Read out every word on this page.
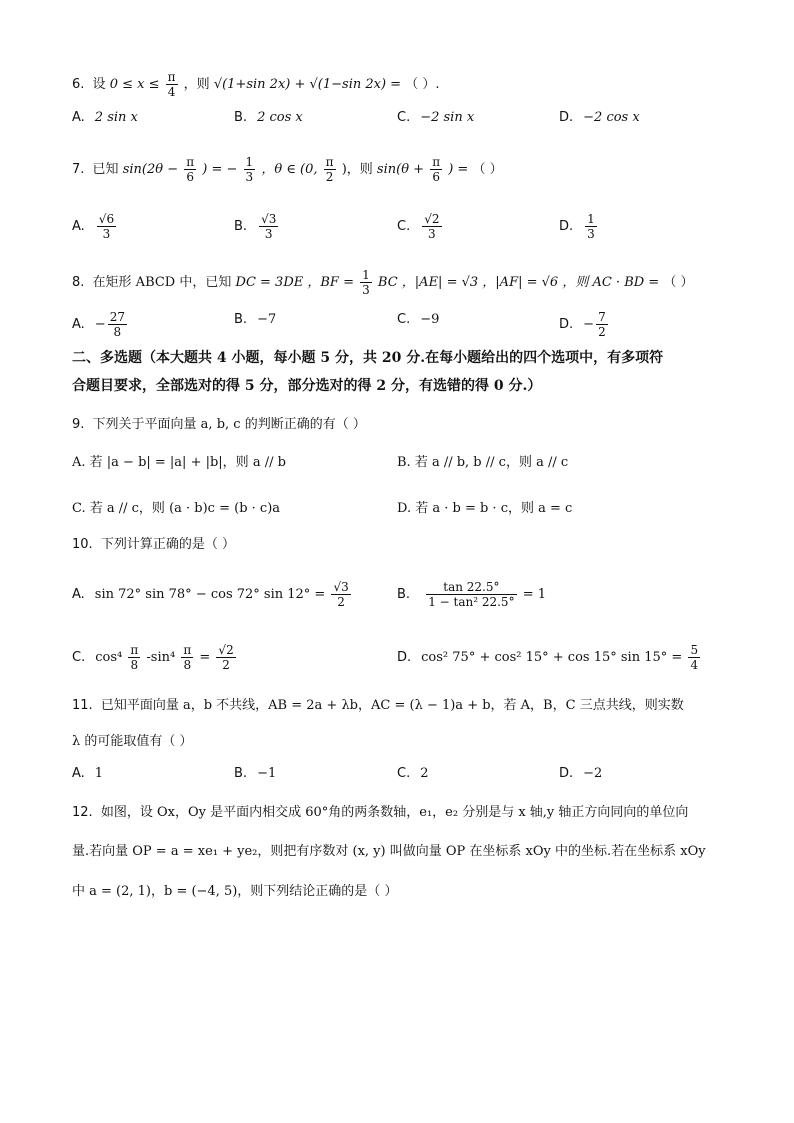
6. 设 $0 \le x \le \frac{\pi}{4}$ ，则 √(1+sin 2x) + √(1−sin 2x) = （ ）.
A. 2 sin x	B. 2 cos x	C. −2 sin x	D. −2 cos x
7. 已知 $\sin(2\theta - \frac{\pi}{6}$ ) = − $\frac{1}{3}$ ，θ ∈ (0, $\frac{\pi}{2}$ )，则 $\sin(\theta + \frac{\pi}{6}$ ) = （ ）
A. $\frac{√6}{3}$	B. $\frac{√3}{3}$	C. $\frac{√2}{3}$	D. $\frac{1}{3}$
8. 在矩形 ABCD 中，已知 DC = 3DE ，BF = $\frac{1}{3}$ BC ，|AE| = √3 ，|AF| = √6 ，则 AC · BD = （ ）
A. − $\frac{27}{8}$	B. −7	C. −9	D. − $\frac{7}{2}$
二、多选题（本大题共 4 小题，每小题 5 分，共 20 分.在每小题给出的四个选项中，有多项符
合题目要求，全部选对的得 5 分，部分选对的得 2 分，有选错的得 0 分.）
9. 下列关于平面向量 a, b, c 的判断正确的有（ ）
A. 若 |a − b| = |a| + |b|，则 a // b	B. 若 a // b, b // c，则 a // c
C. 若 a // c，则 (a · b)c = (b · c)a	D. 若 a · b = b · c，则 a = c
10. 下列计算正确的是（ ）
A. sin 72° sin 78° − cos 72° $\sin 12^\circ = \frac{√3}{2}$	B. $\frac{\tan 22.5^\circ}{\text{1 − tan² 22.5°}} = 1$
C. $\cos^4 \frac{\pi}{8} -\sin^4 \frac{\pi}{8} = \frac{√2}{2}$	D. cos² 75° + cos² 15° + cos 15° $\sin 15^\circ = \frac{5}{4}$
11. 已知平面向量 a，b 不共线，AB = 2a + λb，AC = (λ − 1)a + b，若 A，B，C 三点共线，则实数
λ 的可能取值有（ ）
A. 1	B. −1	C. 2	D. −2
12. 如图，设 Ox，Oy 是平面内相交成 60°角的两条数轴，e₁，e₂ 分别是与 x 轴,y 轴正方向同向的单位向
量.若向量 OP = a = xe₁ + ye₂，则把有序数对 (x, y) 叫做向量 OP 在坐标系 xOy 中的坐标.若在坐标系 xOy
中 a = (2, 1)，b = (−4, 5)，则下列结论正确的是（ ）
